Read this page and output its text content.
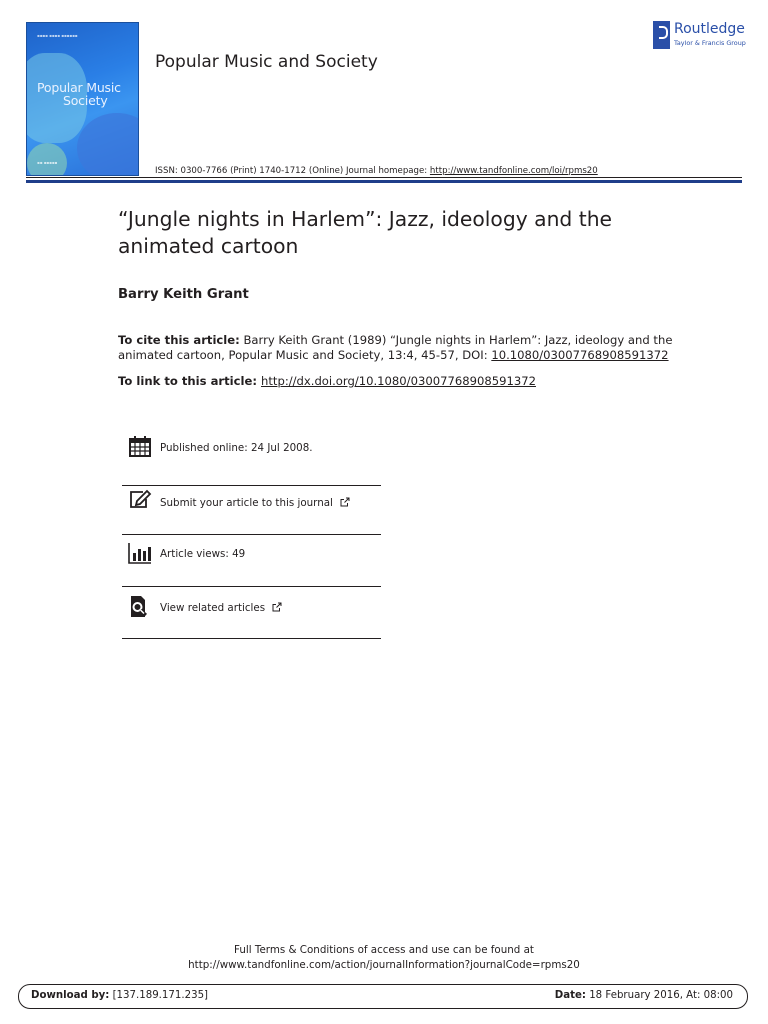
▪▪▪▪ ▪▪▪▪ ▪▪▪▪▪▪
Popular Music
Society
▪▪ ▪▪▪▪▪
Popular Music and Society
Routledge
Taylor & Francis Group
ISSN: 0300-7766 (Print) 1740-1712 (Online) Journal homepage: http://www.tandfonline.com/loi/rpms20
“Jungle nights in Harlem”: Jazz, ideology and the animated cartoon
Barry Keith Grant
To cite this article: Barry Keith Grant (1989) “Jungle nights in Harlem”: Jazz, ideology and the animated cartoon, Popular Music and Society, 13:4, 45-57, DOI: 10.1080/03007768908591372
To link to this article: http://dx.doi.org/10.1080/03007768908591372
Published online: 24 Jul 2008.
Submit your article to this journal
Article views: 49
View related articles
Full Terms & Conditions of access and use can be found at
http://www.tandfonline.com/action/journalInformation?journalCode=rpms20
Download by: [137.189.171.235]	Date: 18 February 2016, At: 08:00
